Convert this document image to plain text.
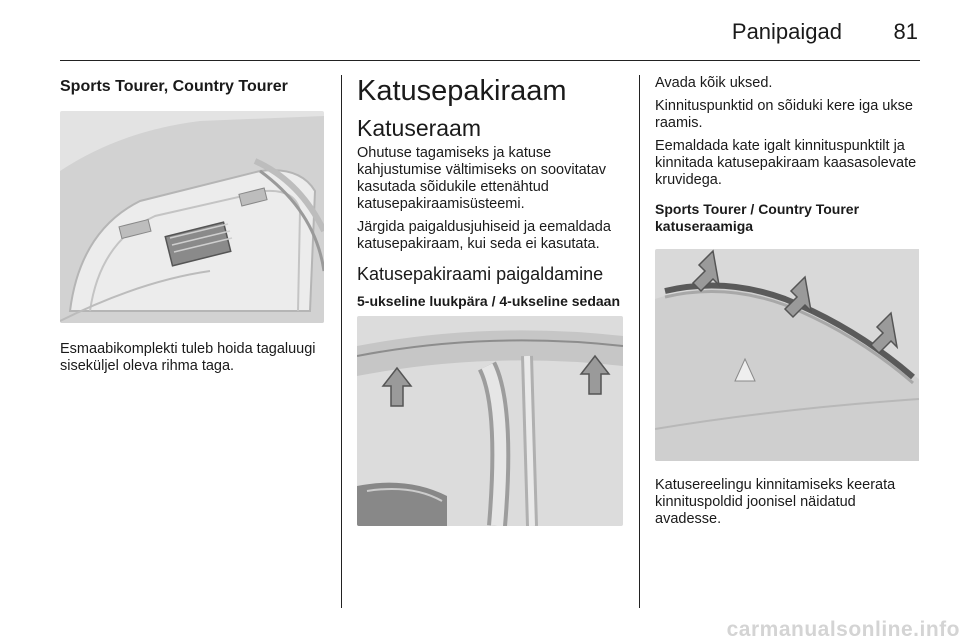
Panipaigad 81
Sports Tourer, Country Tourer

Esmaabikomplekti tuleb hoida tagaluugi siseküljel oleva rihma taga.

Katusepakiraam
Katuseraam

Ohutuse tagamiseks ja katuse kahjustumise vältimiseks on soovitatav kasutada sõidukile ettenähtud katusepakiraamisüsteemi.

Järgida paigaldusjuhiseid ja eemaldada katusepakiraam, kui seda ei kasutata.

Katusepakiraami paigaldamine
5-ukseline luukpära / 4-ukseline sedaan

Avada kõik uksed.

Kinnituspunktid on sõiduki kere iga ukse raamis.

Eemaldada kate igalt kinnituspunktilt ja kinnitada katusepakiraam kaasasolevate kruvidega.

Sports Tourer / Country Tourer katuseraamiga

Katusereelingu kinnitamiseks keerata kinnituspoldid joonisel näidatud avadesse.

carmanualsonline.info
